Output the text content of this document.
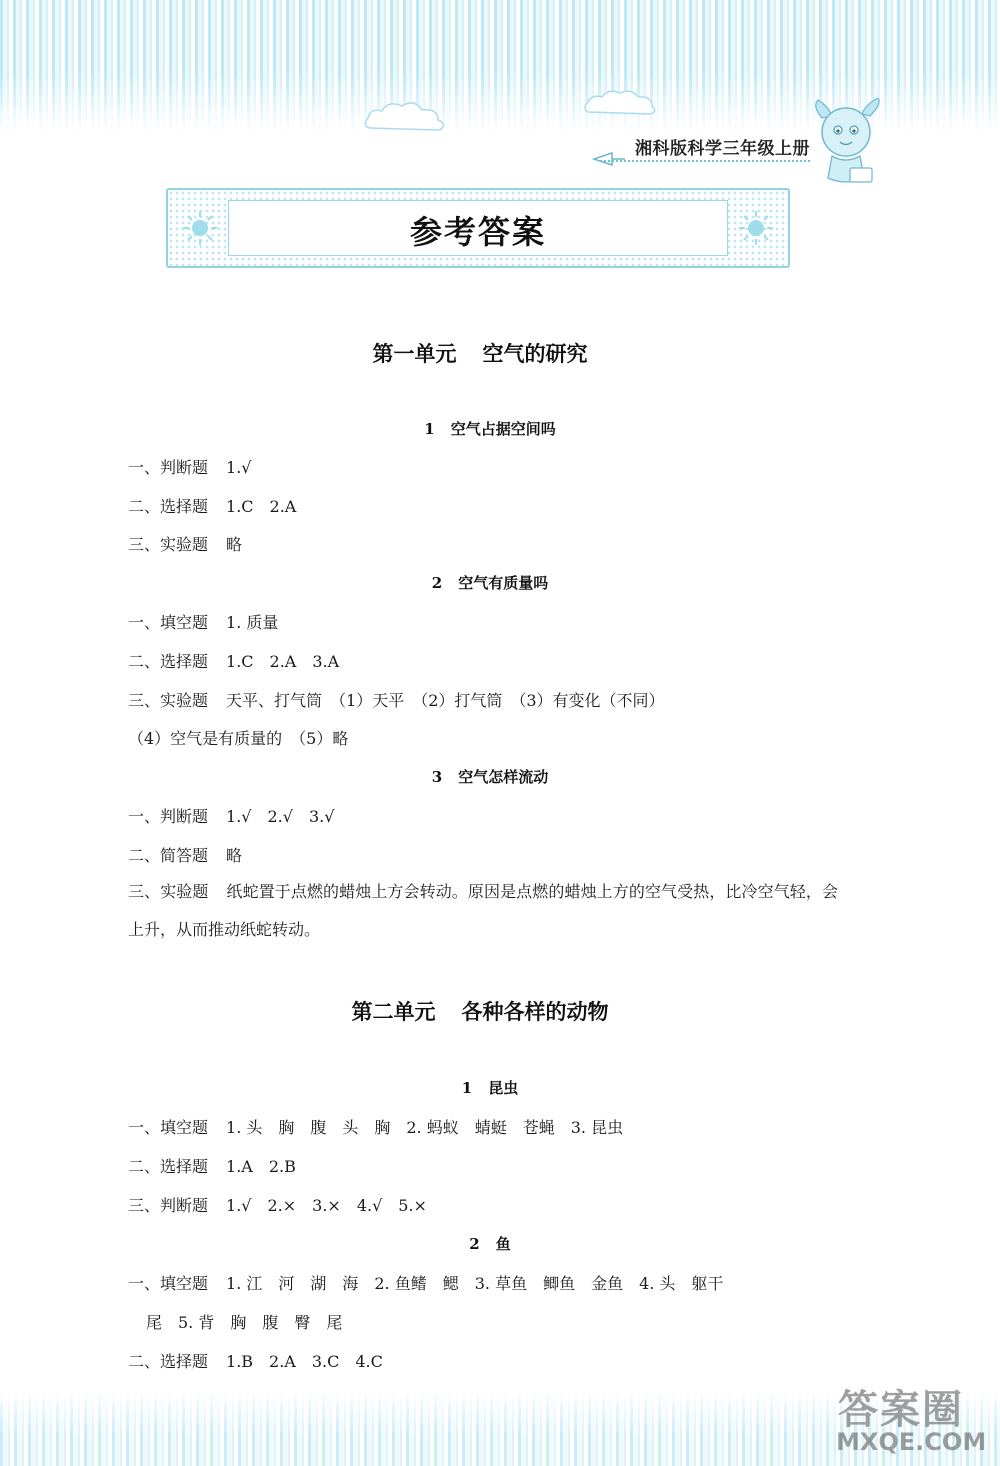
湘科版科学三年级上册
参考答案
第一单元 空气的研究
1 空气占据空间吗
一、判断题 1.√
二、选择题 1.C　2.A
三、实验题 略
2 空气有质量吗
一、填空题 1. 质量
二、选择题 1.C　2.A　3.A
三、实验题 天平、打气筒　（1）天平　（2）打气筒　（3）有变化（不同）
（4）空气是有质量的　（5）略
3 空气怎样流动
一、判断题 1.√　2.√　3.√
二、简答题 略
三、实验题 纸蛇置于点燃的蜡烛上方会转动。原因是点燃的蜡烛上方的空气受热，比冷空气轻，会上升，从而推动纸蛇转动。
第二单元 各种各样的动物
1 昆虫
一、填空题 1. 头　胸　腹　头　胸　2. 蚂蚁　蜻蜓　苍蝇　3. 昆虫
二、选择题 1.A　2.B
三、判断题 1.√　2.×　3.×　4.√　5.×
2 鱼
一、填空题 1. 江　河　湖　海　2. 鱼鳍　鳃　3. 草鱼　鲫鱼　金鱼　4. 头　躯干
尾　5. 背　胸　腹　臀　尾
二、选择题 1.B　2.A　3.C　4.C
答案圈
MXQE.COM
